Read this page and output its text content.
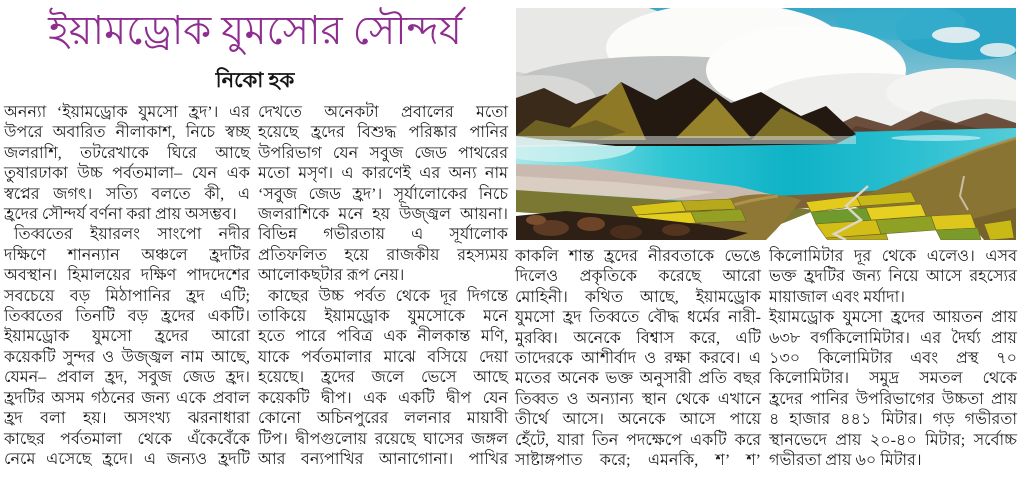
ইয়ামড্রোক যুমসোর সৌন্দর্য
নিকো হক
অনন্যা ‘ইয়ামড্রোক যুমসো হ্রদ’। এর
উপরে অবারিত নীলাকাশ, নিচে স্বচ্ছ
জলরাশি, তটরেখাকে ঘিরে আছে
তুষারঢাকা উচ্চ পর্বতমালা– যেন এক
স্বপ্নের জগৎ। সত্যি বলতে কী, এ
হ্রদের সৌন্দর্য বর্ণনা করা প্রায় অসম্ভব।
তিব্বতের ইয়ারলং সাংপো নদীর
দক্ষিণে শানন্যান অঞ্চলে হ্রদটির
অবস্থান। হিমালয়ের দক্ষিণ পাদদেশের
সবচেয়ে বড় মিঠাপানির হ্রদ এটি;
তিব্বতের তিনটি বড় হ্রদের একটি।
ইয়ামড্রোক যুমসো হ্রদের আরো
কয়েকটি সুন্দর ও উজ্জ্বল নাম আছে,
যেমন– প্রবাল হ্রদ, সবুজ জেড হ্রদ।
হ্রদটির অসম গঠনের জন্য একে প্রবাল
হ্রদ বলা হয়। অসংখ্য ঝরনাধারা
কাছের পর্বতমালা থেকে এঁকেবেঁকে
নেমে এসেছে হ্রদে। এ জন্যও হ্রদটি
দেখতে অনেকটা প্রবালের মতো
হয়েছে হ্রদের বিশুদ্ধ পরিষ্কার পানির
উপরিভাগ যেন সবুজ জেড পাথরের
মতো মসৃণ। এ কারণেই এর অন্য নাম
‘সবুজ জেড হ্রদ’। সূর্যালোকের নিচে
জলরাশিকে মনে হয় উজ্জ্বল আয়না।
বিভিন্ন গভীরতায় এ সূর্যালোক
প্রতিফলিত হয়ে রাজকীয় রহস্যময়
আলোকছটার রূপ নেয়।
কাছের উচ্চ পর্বত থেকে দূর দিগন্তে
তাকিয়ে ইয়ামড্রোক যুমসোকে মনে
হতে পারে পবিত্র এক নীলকান্ত মণি,
যাকে পর্বতমালার মাঝে বসিয়ে দেয়া
হয়েছে। হ্রদের জলে ভেসে আছে
কয়েকটি দ্বীপ। এক একটি দ্বীপ যেন
কোনো অচিনপুরের ললনার মায়াবী
টিপ। দ্বীপগুলোয় রয়েছে ঘাসের জঙ্গল
আর বন্যপাখির আনাগোনা। পাখির
কাকলি শান্ত হ্রদের নীরবতাকে ভেঙে
দিলেও প্রকৃতিকে করেছে আরো
মোহিনী। কথিত আছে, ইয়ামড্রোক
যুমসো হ্রদ তিব্বতে বৌদ্ধ ধর্মের নারী-
মুরব্বি। অনেকে বিশ্বাস করে, এটি
তাদেরকে আশীর্বাদ ও রক্ষা করবে। এ
মতের অনেক ভক্ত অনুসারী প্রতি বছর
তিব্বত ও অন্যান্য স্থান থেকে এখানে
তীর্থে আসে। অনেকে আসে পায়ে
হেঁটে, যারা তিন পদক্ষেপে একটি করে
সাষ্টাঙ্গপাত করে; এমনকি, শ’ শ’
কিলোমিটার দূর থেকে এলেও। এসব
ভক্ত হ্রদটির জন্য নিয়ে আসে রহস্যের
মায়াজাল এবং মর্যাদা।
ইয়ামড্রোক যুমসো হ্রদের আয়তন প্রায়
৬৩৮ বর্গকিলোমিটার। এর দৈর্ঘ্য প্রায়
১৩০ কিলোমিটার এবং প্রস্থ ৭০
কিলোমিটার। সমুদ্র সমতল থেকে
হ্রদের পানির উপরিভাগের উচ্চতা প্রায়
৪ হাজার ৪৪১ মিটার। গড় গভীরতা
স্থানভেদে প্রায় ২০-৪০ মিটার; সর্বোচ্চ
গভীরতা প্রায় ৬০ মিটার।
